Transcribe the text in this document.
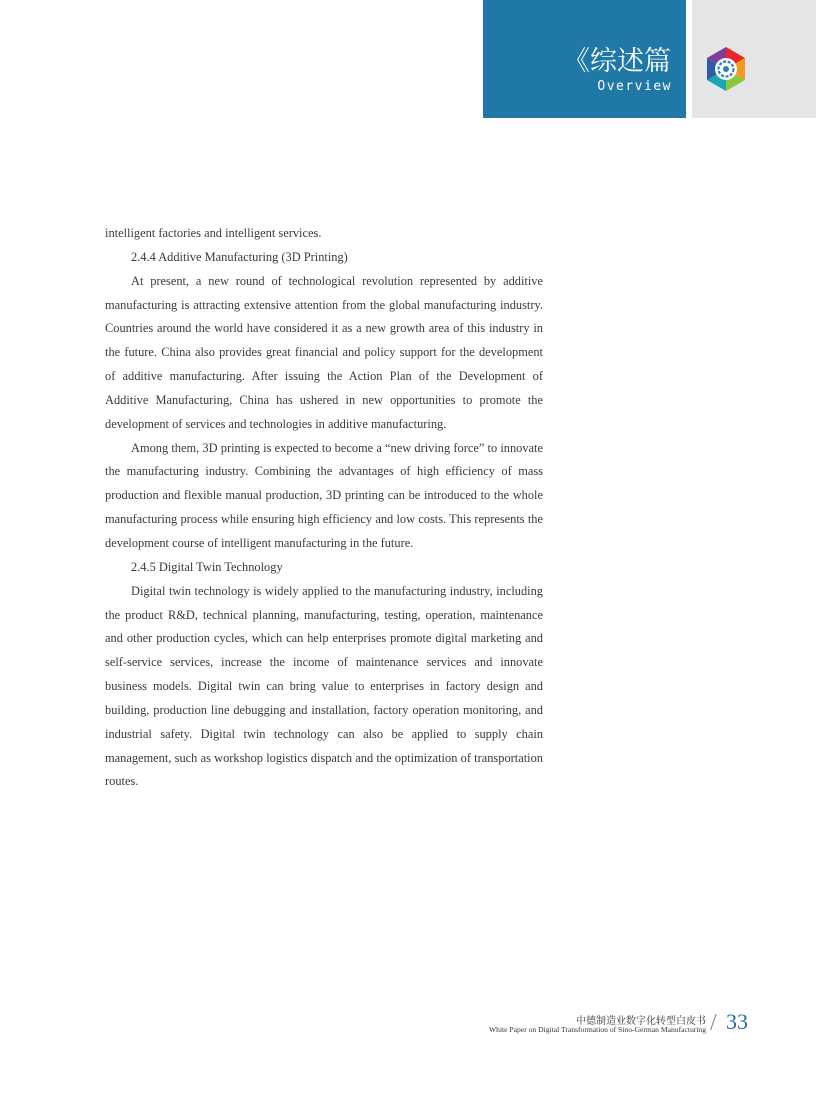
《综述篇
Overview

intelligent factories and intelligent services.

2.4.4 Additive Manufacturing (3D Printing)

At present, a new round of technological revolution represented by additive manufacturing is attracting extensive attention from the global manufacturing industry. Countries around the world have considered it as a new growth area of this industry in the future. China also provides great financial and policy support for the development of additive manufacturing. After issuing the Action Plan of the Development of Additive Manufacturing, China has ushered in new opportunities to promote the development of services and technologies in additive manufacturing.

Among them, 3D printing is expected to become a “new driving force” to innovate the manufacturing industry. Combining the advantages of high efficiency of mass production and flexible manual production, 3D printing can be introduced to the whole manufacturing process while ensuring high efficiency and low costs. This represents the development course of intelligent manufacturing in the future.

2.4.5 Digital Twin Technology

Digital twin technology is widely applied to the manufacturing industry, including the product R&D, technical planning, manufacturing, testing, operation, maintenance and other production cycles, which can help enterprises promote digital marketing and self-service services, increase the income of maintenance services and innovate business models. Digital twin can bring value to enterprises in factory design and building, production line debugging and installation, factory operation monitoring, and industrial safety. Digital twin technology can also be applied to supply chain management, such as workshop logistics dispatch and the optimization of transportation routes.

中德制造业数字化转型白皮书
White Paper on Digital Transformation of Sino-German Manufacturing / 33
